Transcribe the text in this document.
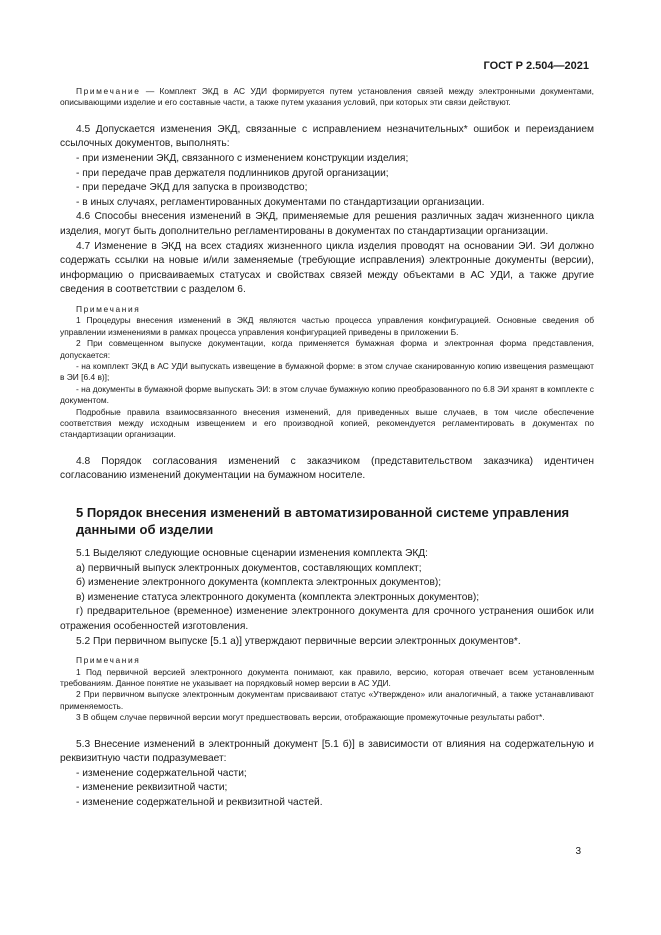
ГОСТ Р 2.504—2021

Примечание — Комплект ЭКД в АС УДИ формируется путем установления связей между электронными документами, описывающими изделие и его составные части, а также путем указания условий, при которых эти связи действуют.

4.5 Допускается изменения ЭКД, связанные с исправлением незначительных* ошибок и переизданием ссылочных документов, выполнять:

- при изменении ЭКД, связанного с изменением конструкции изделия;

- при передаче прав держателя подлинников другой организации;

- при передаче ЭКД для запуска в производство;

- в иных случаях, регламентированных документами по стандартизации организации.

4.6 Способы внесения изменений в ЭКД, применяемые для решения различных задач жизненного цикла изделия, могут быть дополнительно регламентированы в документах по стандартизации организации.

4.7 Изменение в ЭКД на всех стадиях жизненного цикла изделия проводят на основании ЭИ. ЭИ должно содержать ссылки на новые и/или заменяемые (требующие исправления) электронные документы (версии), информацию о присваиваемых статусах и свойствах связей между объектами в АС УДИ, а также другие сведения в соответствии с разделом 6.

Примечания

1 Процедуры внесения изменений в ЭКД являются частью процесса управления конфигурацией. Основные сведения об управлении изменениями в рамках процесса управления конфигурацией приведены в приложении Б.

2 При совмещенном выпуске документации, когда применяется бумажная форма и электронная форма представления, допускается:

- на комплект ЭКД в АС УДИ выпускать извещение в бумажной форме: в этом случае сканированную копию извещения размещают в ЭИ [6.4 в)];

- на документы в бумажной форме выпускать ЭИ: в этом случае бумажную копию преобразованного по 6.8 ЭИ хранят в комплекте с документом.

Подробные правила взаимосвязанного внесения изменений, для приведенных выше случаев, в том числе обеспечение соответствия между исходным извещением и его производной копией, рекомендуется регламентировать в документах по стандартизации организации.

4.8 Порядок согласования изменений с заказчиком (представительством заказчика) идентичен согласованию изменений документации на бумажном носителе.

5 Порядок внесения изменений в автоматизированной системе управления данными об изделии

5.1 Выделяют следующие основные сценарии изменения комплекта ЭКД:

а) первичный выпуск электронных документов, составляющих комплект;

б) изменение электронного документа (комплекта электронных документов);

в) изменение статуса электронного документа (комплекта электронных документов);

г) предварительное (временное) изменение электронного документа для срочного устранения ошибок или отражения особенностей изготовления.

5.2 При первичном выпуске [5.1 а)] утверждают первичные версии электронных документов*.

Примечания

1 Под первичной версией электронного документа понимают, как правило, версию, которая отвечает всем установленным требованиям. Данное понятие не указывает на порядковый номер версии в АС УДИ.

2 При первичном выпуске электронным документам присваивают статус «Утверждено» или аналогичный, а также устанавливают применяемость.

3 В общем случае первичной версии могут предшествовать версии, отображающие промежуточные результаты работ*.

5.3 Внесение изменений в электронный документ [5.1 б)] в зависимости от влияния на содержательную и реквизитную части подразумевает:

- изменение содержательной части;

- изменение реквизитной части;

- изменение содержательной и реквизитной частей.

3
